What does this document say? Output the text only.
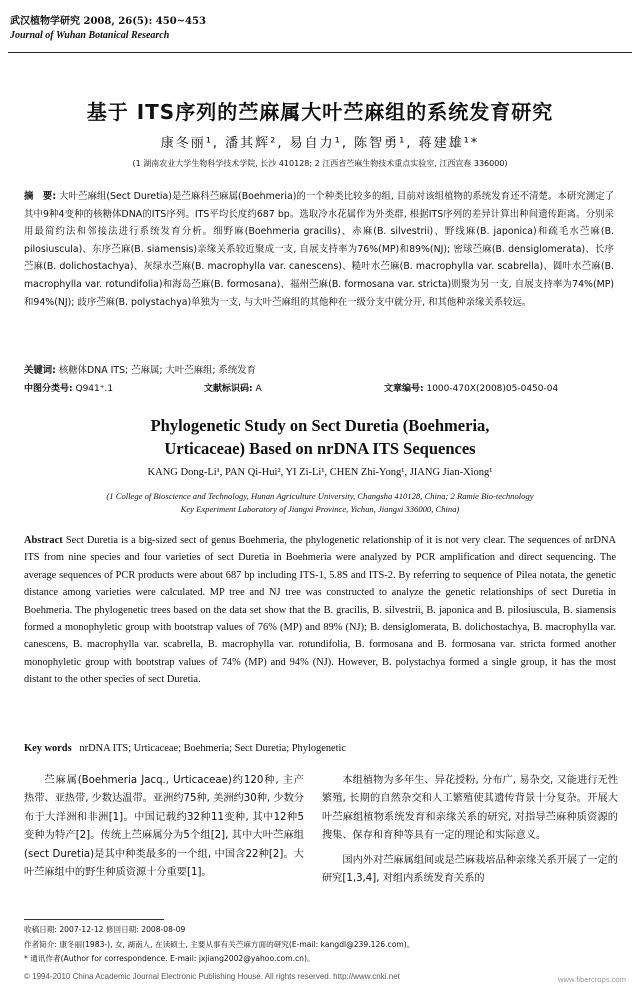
武汉植物学研究 2008, 26(5): 450~453
Journal of Wuhan Botanical Research
基于 ITS序列的苎麻属大叶苎麻组的系统发育研究
康冬丽¹, 潘其辉², 易自力¹, 陈智勇¹, 蒋建雄¹*
(1 湖南农业大学生物科学技术学院, 长沙 410128; 2 江西省苎麻生物技术重点实验室, 江西宜春 336000)
摘　要: 大叶苎麻组(Sect Duretia)是苎麻科苎麻属(Boehmeria)的一个种类比较多的组, 目前对该组植物的系统发育还不清楚。本研究测定了其中9种4变种的核糖体DNA的ITS序列。ITS平均长度约687 bp。选取冷水花属作为外类群, 根据ITS序列的差异计算出种间遗传距离。分别采用最简约法和邻接法进行系统发育分析。细野麻(Boehmeria gracilis)、赤麻(B. silvestrii)、野线麻(B. japonica)和疏毛水苎麻(B. pilosiuscula)、东序苎麻(B. siamensis)亲缘关系较近聚成一支, 自展支持率为76%(MP)和89%(NJ); 密球苎麻(B. densiglomerata)、长序苎麻(B. dolichostachya)、灰绿水苎麻(B. macrophylla var. canescens)、糙叶水苎麻(B. macrophylla var. scabrella)、圆叶水苎麻(B. macrophylla var. rotundifolia)和海岛苎麻(B. formosana)、福州苎麻(B. formosana var. stricta)则聚为另一支, 自展支持率为74%(MP)和94%(NJ); 歧序苎麻(B. polystachya)单独为一支, 与大叶苎麻组的其他种在一级分支中就分开, 和其他种亲缘关系较远。
关键词: 核糖体DNA ITS; 苎麻属; 大叶苎麻组; 系统发育
中图分类号: Q941⁺.1	文献标识码: A	文章编号: 1000-470X(2008)05-0450-04
Phylogenetic Study on Sect Duretia (Boehmeria,
Urticaceae) Based on nrDNA ITS Sequences
KANG Dong-Li¹, PAN Qi-Hui², YI Zi-Li¹, CHEN Zhi-Yong¹, JIANG Jian-Xiong¹
(1 College of Bioscience and Technology, Hunan Agriculture University, Changsha 410128, China; 2 Ramie Bio-technology
Key Experiment Laboratory of Jiangxi Province, Yichun, Jiangxi 336000, China)
Abstract Sect Duretia is a big-sized sect of genus Boehmeria, the phylogenetic relationship of it is not very clear. The sequences of nrDNA ITS from nine species and four varieties of sect Duretia in Boehmeria were analyzed by PCR amplification and direct sequencing. The average sequences of PCR products were about 687 bp including ITS-1, 5.8S and ITS-2. By referring to sequence of Pilea notata, the genetic distance among varieties were calculated. MP tree and NJ tree was constructed to analyze the genetic relationships of sect Duretia in Boehmeria. The phylogenetic trees based on the data set show that the B. gracilis, B. silvestrii, B. japonica and B. pilosiuscula, B. siamensis formed a monophyletic group with bootstrap values of 76% (MP) and 89% (NJ); B. densiglomerata, B. dolichostachya, B. macrophylla var. canescens, B. macrophylla var. scabrella, B. macrophylla var. rotundifolia, B. formosana and B. formosana var. stricta formed another monophyletic group with bootstrap values of 74% (MP) and 94% (NJ). However, B. polystachya formed a single group, it has the most distant to the other species of sect Duretia.
Key words nrDNA ITS; Urticaceae; Boehmeria; Sect Duretia; Phylogenetic
苎麻属(Boehmeria Jacq., Urticaceae)约120种, 主产热带、亚热带, 少数达温带。亚洲约75种, 美洲约30种, 少数分布于大洋洲和非洲[1]。中国记载约32种11变种, 其中12种5变种为特产[2]。传统上苎麻属分为5个组[2], 其中大叶苎麻组(sect Duretia)是其中种类最多的一个组, 中国含22种[2]。大叶苎麻组中的野生种质资源十分重要[1]。

本组植物为多年生、异花授粉, 分布广, 易杂交, 又能进行无性繁殖, 长期的自然杂交和人工繁殖使其遗传背景十分复杂。开展大叶苎麻组植物系统发育和亲缘关系的研究, 对指导苎麻种质资源的搜集、保存和育种等具有一定的理论和实际意义。

国内外对苎麻属组间或是苎麻栽培品种亲缘关系开展了一定的研究[1,3,4], 对组内系统发育关系的

收稿日期: 2007-12-12 修回日期: 2008-08-09
作者简介: 康冬丽(1983-), 女, 湖南人, 在读硕士, 主要从事有关苎麻方面的研究(E-mail: kangdl@239.126.com)。
* 通讯作者(Author for correspondence. E-mail: jxjiang2002@yahoo.com.cn)。
© 1994-2010 China Academic Journal Electronic Publishing House. All rights reserved. http://www.cnki.net	www.fibercrops.com
